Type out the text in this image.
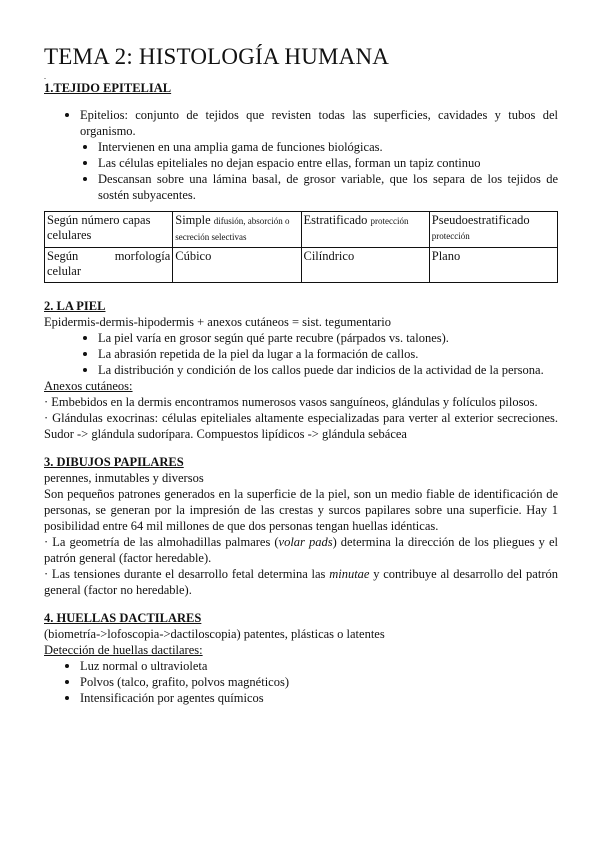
TEMA 2: HISTOLOGÍA HUMANA
.
1.TEJIDO EPITELIAL
Epitelios: conjunto de tejidos que revisten todas las superficies, cavidades y tubos del organismo.
Intervienen en una amplia gama de funciones biológicas.
Las células epiteliales no dejan espacio entre ellas, forman un tapiz continuo
Descansan sobre una lámina basal, de grosor variable, que los separa de los tejidos de sostén subyacentes.
Según número capas celulares	Simple difusión, absorción o secreción selectivas	Estratificado protección	Pseudoestratificado protección

Según morfología
celular	Cúbico	Cilíndrico	Plano
2. LA PIEL
Epidermis-dermis-hipodermis + anexos cutáneos = sist. tegumentario
La piel varía en grosor según qué parte recubre (párpados vs. talones).
La abrasión repetida de la piel da lugar a la formación de callos.
La distribución y condición de los callos puede dar indicios de la actividad de la persona.
Anexos cutáneos:
· Embebidos en la dermis encontramos numerosos vasos sanguíneos, glándulas y folículos pilosos.
· Glándulas exocrinas: células epiteliales altamente especializadas para verter al exterior secreciones. Sudor -> glándula sudorípara. Compuestos lipídicos -> glándula sebácea
3. DIBUJOS PAPILARES
perennes, inmutables y diversos
Son pequeños patrones generados en la superficie de la piel, son un medio fiable de identificación de personas, se generan por la impresión de las crestas y surcos papilares sobre una superficie. Hay 1 posibilidad entre 64 mil millones de que dos personas tengan huellas idénticas.
· La geometría de las almohadillas palmares (volar pads) determina la dirección de los pliegues y el patrón general (factor heredable).
· Las tensiones durante el desarrollo fetal determina las minutae y contribuye al desarrollo del patrón general (factor no heredable).
4. HUELLAS DACTILARES
(biometría->lofoscopia->dactiloscopia) patentes, plásticas o latentes
Detección de huellas dactilares:
Luz normal o ultravioleta
Polvos (talco, grafito, polvos magnéticos)
Intensificación por agentes químicos
